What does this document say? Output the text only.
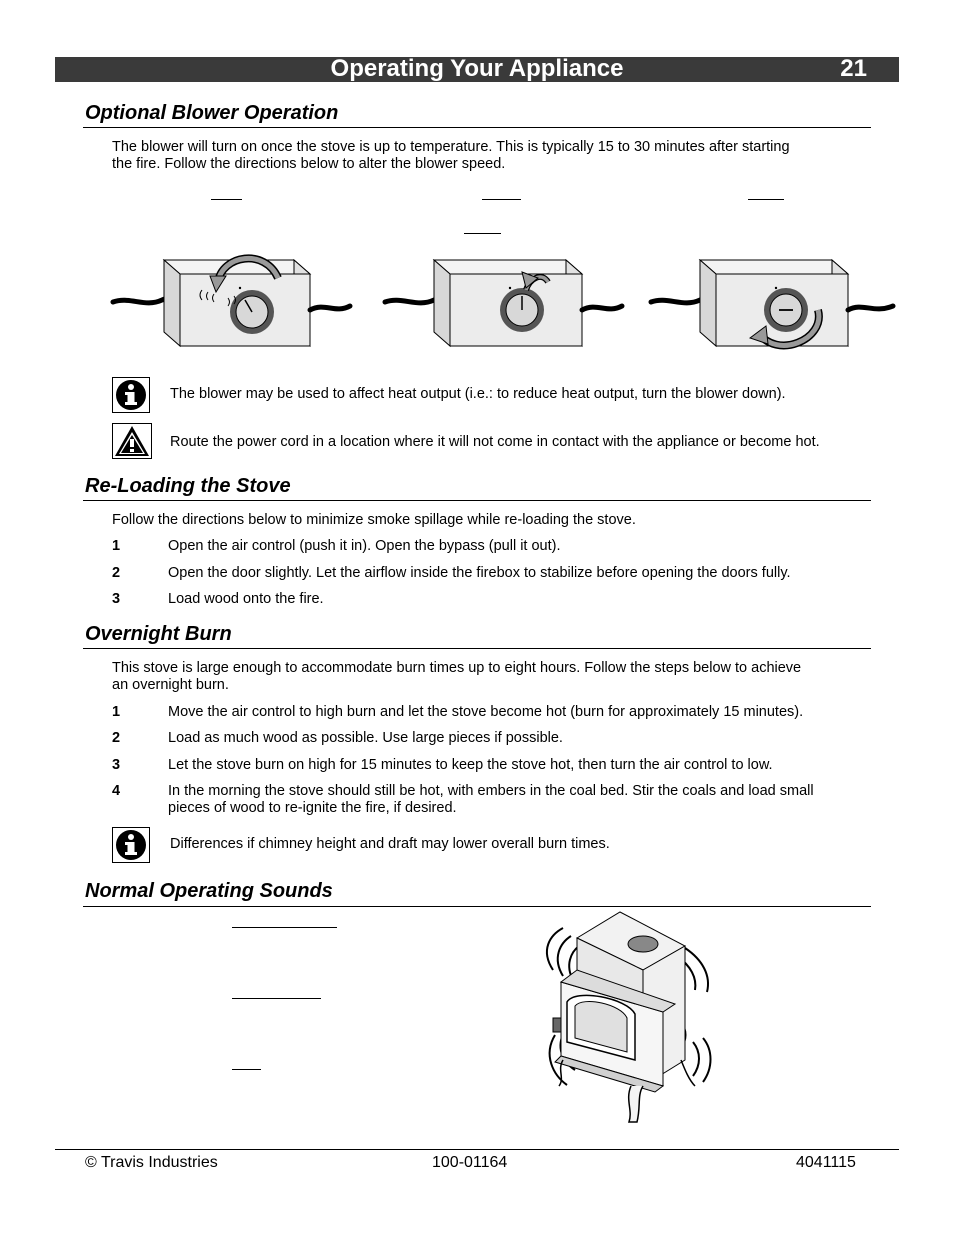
Operating Your Appliance	21
Optional Blower Operation
The blower will turn on once the stove is up to temperature. This is typically 15 to 30 minutes after starting the fire. Follow the directions below to alter the blower speed.
The blower may be used to affect heat output (i.e.: to reduce heat output, turn the blower down).
Route the power cord in a location where it will not come in contact with the appliance or become hot.
Re-Loading the Stove
Follow the directions below to minimize smoke spillage while re-loading the stove.
1	Open the air control (push it in). Open the bypass (pull it out).
2	Open the door slightly. Let the airflow inside the firebox to stabilize before opening the doors fully.
3	Load wood onto the fire.
Overnight Burn
This stove is large enough to accommodate burn times up to eight hours. Follow the steps below to achieve an overnight burn.
1	Move the air control to high burn and let the stove become hot (burn for approximately 15 minutes).
2	Load as much wood as possible. Use large pieces if possible.
3	Let the stove burn on high for 15 minutes to keep the stove hot, then turn the air control to low.
4	In the morning the stove should still be hot, with embers in the coal bed. Stir the coals and load small pieces of wood to re-ignite the fire, if desired.
Differences if chimney height and draft may lower overall burn times.
Normal Operating Sounds
© Travis Industries	100-01164	4041115
